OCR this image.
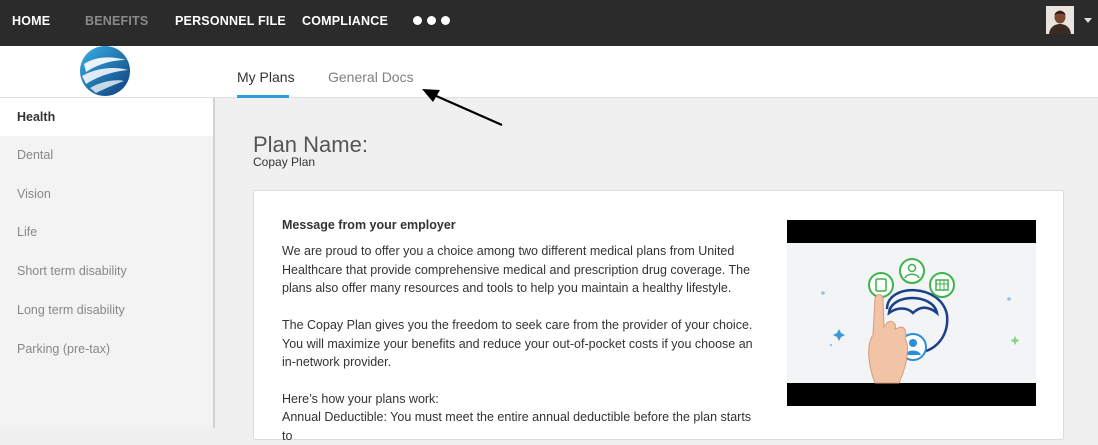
HOME	BENEFITS PERSONNEL FILE COMPLIANCE
My Plans General Docs
Health
Dental
Vision
Life
Short term disability
Long term disability
Parking (pre-tax)
Plan Name:
Copay Plan
Message from your employer
We are proud to offer you a choice among two different medical plans from United Healthcare that provide comprehensive medical and prescription drug coverage. The plans also offer many resources and tools to help you maintain a healthy lifestyle.
The Copay Plan gives you the freedom to seek care from the provider of your choice. You will maximize your benefits and reduce your out-of-pocket costs if you choose an in-network provider.
Here’s how your plans work:
Annual Deductible: You must meet the entire annual deductible before the plan starts to
